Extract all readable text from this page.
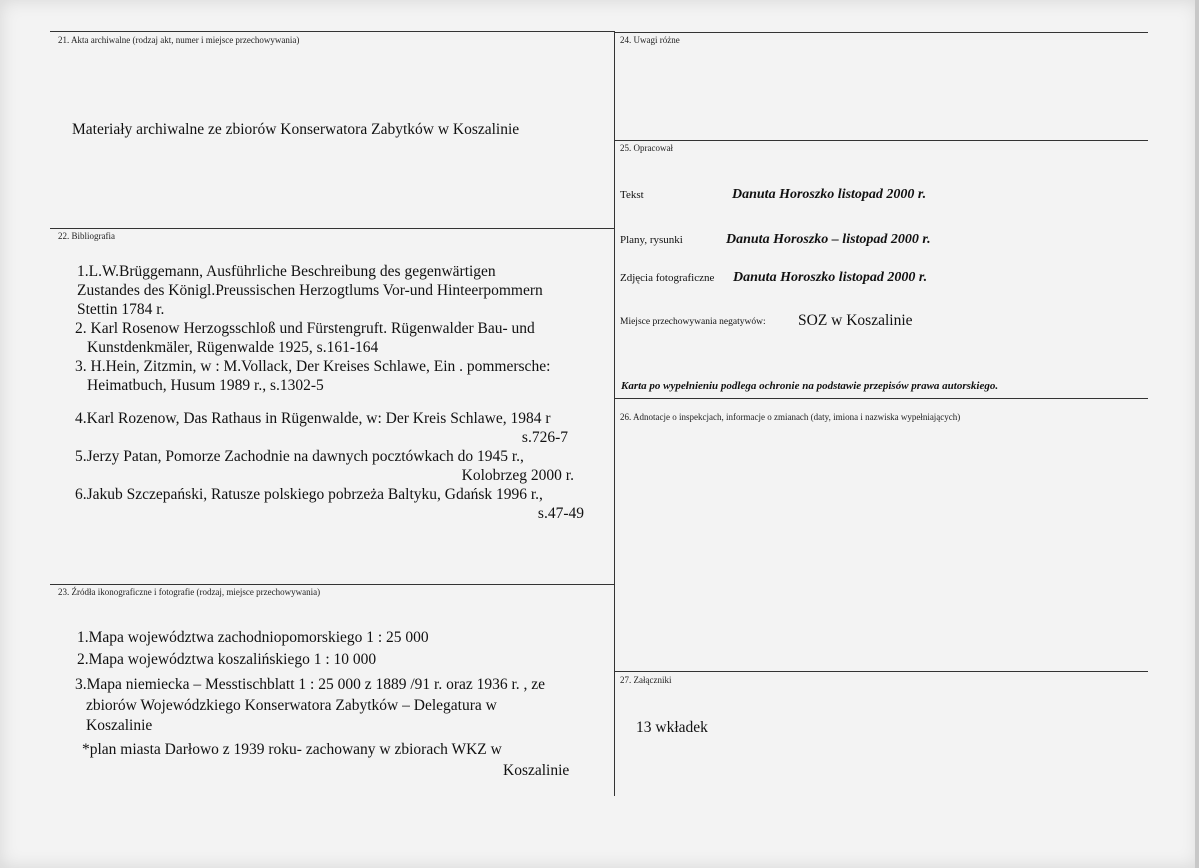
21. Akta archiwalne (rodzaj akt, numer i miejsce przechowywania)
Materiały archiwalne ze zbiorów Konserwatora Zabytków w Koszalinie
22. Bibliografia
1.L.W.Brüggemann, Ausführliche Beschreibung des gegenwärtigen
Zustandes des Königl.Preussischen Herzogtlums Vor-und Hinteerpommern
Stettin 1784 r.
2. Karl Rosenow Herzogsschloß und Fürstengruft. Rügenwalder Bau- und
Kunstdenkmäler, Rügenwalde 1925, s.161-164
3. H.Hein, Zitzmin, w : M.Vollack, Der Kreises Schlawe, Ein . pommersche:
Heimatbuch, Husum 1989 r., s.1302-5
4.Karl Rozenow, Das Rathaus in Rügenwalde, w: Der Kreis Schlawe, 1984 r
s.726-7
5.Jerzy Patan, Pomorze Zachodnie na dawnych pocztówkach do 1945 r.,
Kolobrzeg 2000 r.
6.Jakub Szczepański, Ratusze polskiego pobrzeża Baltyku, Gdańsk 1996 r.,
s.47-49
23. Źródła ikonograficzne i fotografie (rodzaj, miejsce przechowywania)
1.Mapa województwa zachodniopomorskiego 1 : 25 000
2.Mapa województwa koszalińskiego 1 : 10 000
3.Mapa niemiecka – Messtischblatt 1 : 25 000 z 1889 /91 r. oraz 1936 r. , ze
zbiorów Wojewódzkiego Konserwatora Zabytków – Delegatura w
Koszalinie
*plan miasta Darłowo z 1939 roku- zachowany w zbiorach WKZ w
Koszalinie
24. Uwagi różne
25. Opracował
Tekst	Danuta Horoszko listopad 2000 r.
Plany, rysunki	Danuta Horoszko – listopad 2000 r.
Zdjęcia fotograficzne Danuta Horoszko listopad 2000 r.
Miejsce przechowywania negatywów: SOZ w Koszalinie
Karta po wypełnieniu podlega ochronie na podstawie przepisów prawa autorskiego.
26. Adnotacje o inspekcjach, informacje o zmianach (daty, imiona i nazwiska wypełniających)
27. Załączniki
13 wkładek
